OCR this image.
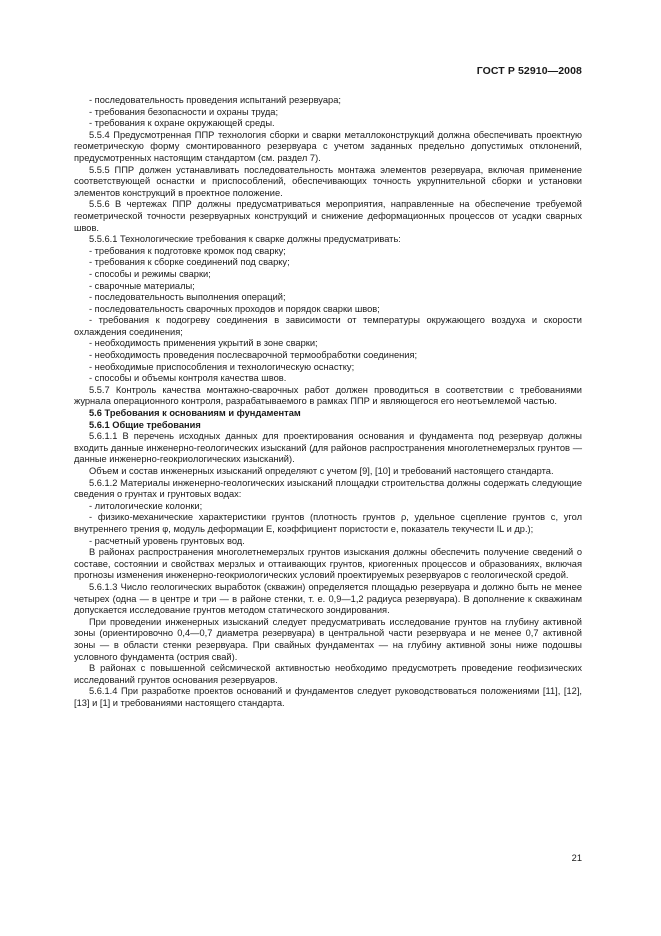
ГОСТ Р 52910—2008

- последовательность проведения испытаний резервуара;

- требования безопасности и охраны труда;

- требования к охране окружающей среды.

5.5.4 Предусмотренная ППР технология сборки и сварки металлоконструкций должна обеспечивать проектную геометрическую форму смонтированного резервуара с учетом заданных предельно допустимых отклонений, предусмотренных настоящим стандартом (см. раздел 7).

5.5.5 ППР должен устанавливать последовательность монтажа элементов резервуара, включая применение соответствующей оснастки и приспособлений, обеспечивающих точность укрупнительной сборки и установки элементов конструкций в проектное положение.

5.5.6 В чертежах ППР должны предусматриваться мероприятия, направленные на обеспечение требуемой геометрической точности резервуарных конструкций и снижение деформационных процессов от усадки сварных швов.

5.5.6.1 Технологические требования к сварке должны предусматривать:

- требования к подготовке кромок под сварку;

- требования к сборке соединений под сварку;

- способы и режимы сварки;

- сварочные материалы;

- последовательность выполнения операций;

- последовательность сварочных проходов и порядок сварки швов;

- требования к подогреву соединения в зависимости от температуры окружающего воздуха и скорости охлаждения соединения;

- необходимость применения укрытий в зоне сварки;

- необходимость проведения послесварочной термообработки соединения;

- необходимые приспособления и технологическую оснастку;

- способы и объемы контроля качества швов.

5.5.7 Контроль качества монтажно-сварочных работ должен проводиться в соответствии с требованиями журнала операционного контроля, разрабатываемого в рамках ППР и являющегося его неотъемлемой частью.

5.6 Требования к основаниям и фундаментам

5.6.1 Общие требования

5.6.1.1 В перечень исходных данных для проектирования основания и фундамента под резервуар должны входить данные инженерно-геологических изысканий (для районов распространения многолетнемерзлых грунтов — данные инженерно-геокриологических изысканий).

Объем и состав инженерных изысканий определяют с учетом [9], [10] и требований настоящего стандарта.

5.6.1.2 Материалы инженерно-геологических изысканий площадки строительства должны содержать следующие сведения о грунтах и грунтовых водах:

- литологические колонки;

- физико-механические характеристики грунтов (плотность грунтов ρ, удельное сцепление грунтов c, угол внутреннего трения φ, модуль деформации E, коэффициент пористости e, показатель текучести IL и др.);

- расчетный уровень грунтовых вод.

В районах распространения многолетнемерзлых грунтов изыскания должны обеспечить получение сведений о составе, состоянии и свойствах мерзлых и оттаивающих грунтов, криогенных процессов и образованиях, включая прогнозы изменения инженерно-геокриологических условий проектируемых резервуаров с геологической средой.

5.6.1.3 Число геологических выработок (скважин) определяется площадью резервуара и должно быть не менее четырех (одна — в центре и три — в районе стенки, т. е. 0,9—1,2 радиуса резервуара). В дополнение к скважинам допускается исследование грунтов методом статического зондирования.

При проведении инженерных изысканий следует предусматривать исследование грунтов на глубину активной зоны (ориентировочно 0,4—0,7 диаметра резервуара) в центральной части резервуара и не менее 0,7 активной зоны — в области стенки резервуара. При свайных фундаментах — на глубину активной зоны ниже подошвы условного фундамента (острия свай).

В районах с повышенной сейсмической активностью необходимо предусмотреть проведение геофизических исследований грунтов основания резервуаров.

5.6.1.4 При разработке проектов оснований и фундаментов следует руководствоваться положениями [11], [12], [13] и [1] и требованиями настоящего стандарта.

21
